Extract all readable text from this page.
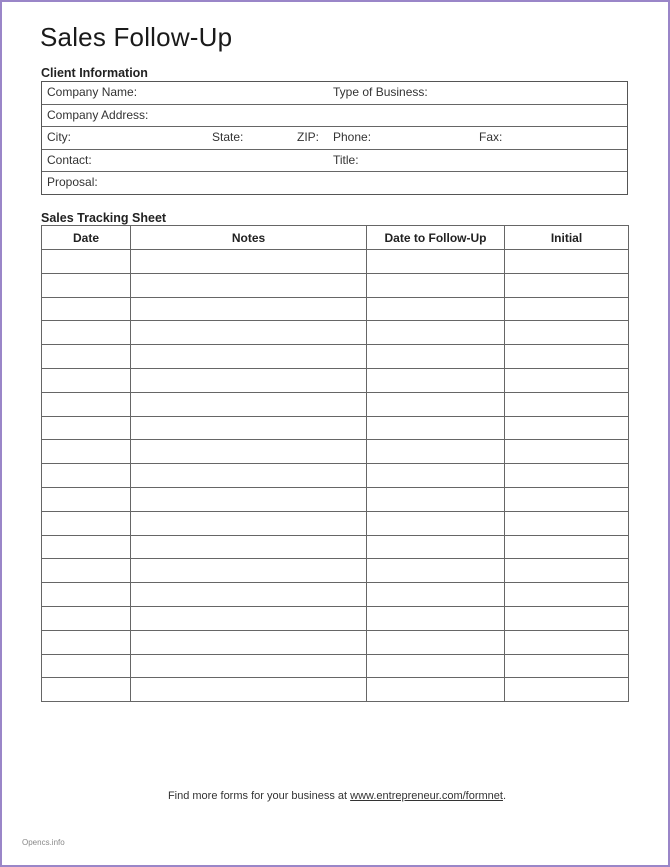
Sales Follow-Up
Client Information
Company Name:	Type of Business:
Company Address:
City:	State:	ZIP: Phone:	Fax:
Contact:	Title:
Proposal:
Sales Tracking Sheet
Date	Notes	Date to Follow-Up	Initial

Find more forms for your business at www.entrepreneur.com/formnet.
Opencs.info
